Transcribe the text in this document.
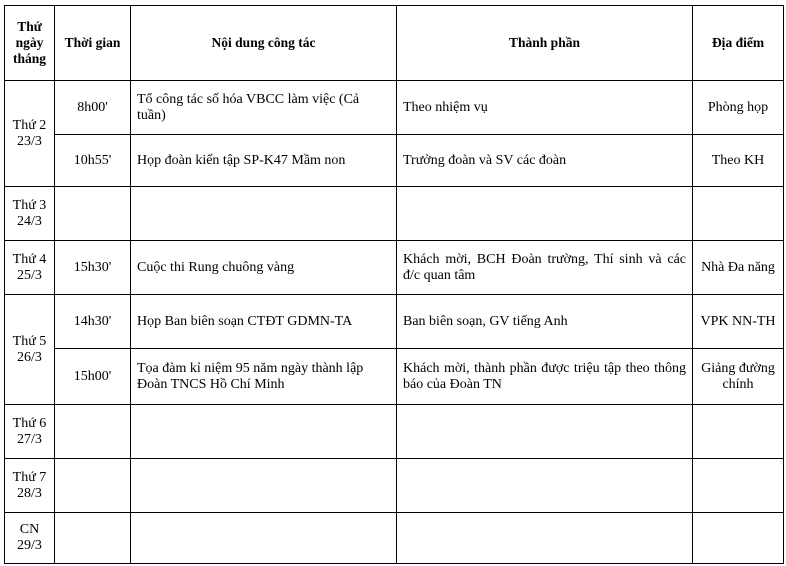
Thứ ngày tháng	Thời gian	Nội dung công tác	Thành phần	Địa điểm
Thứ 2 23/3	8h00'	Tổ công tác số hóa VBCC làm việc (Cả tuần)	Theo nhiệm vụ	Phòng họp
	10h55'	Họp đoàn kiến tập SP-K47 Mầm non	Trưởng đoàn và SV các đoàn	Theo KH
Thứ 3 24/3				
Thứ 4 25/3	15h30'	Cuộc thi Rung chuông vàng	Khách mời, BCH Đoàn trường, Thí sinh và các đ/c quan tâm	Nhà Đa năng
Thứ 5 26/3	14h30'	Họp Ban biên soạn CTĐT GDMN-TA	Ban biên soạn, GV tiếng Anh	VPK NN-TH
	15h00'	Tọa đàm kỉ niệm 95 năm ngày thành lập Đoàn TNCS Hồ Chí Minh	Khách mời, thành phần được triệu tập theo thông báo của Đoàn TN	Giảng đường chính
Thứ 6 27/3				
Thứ 7 28/3				
CN 29/3				
